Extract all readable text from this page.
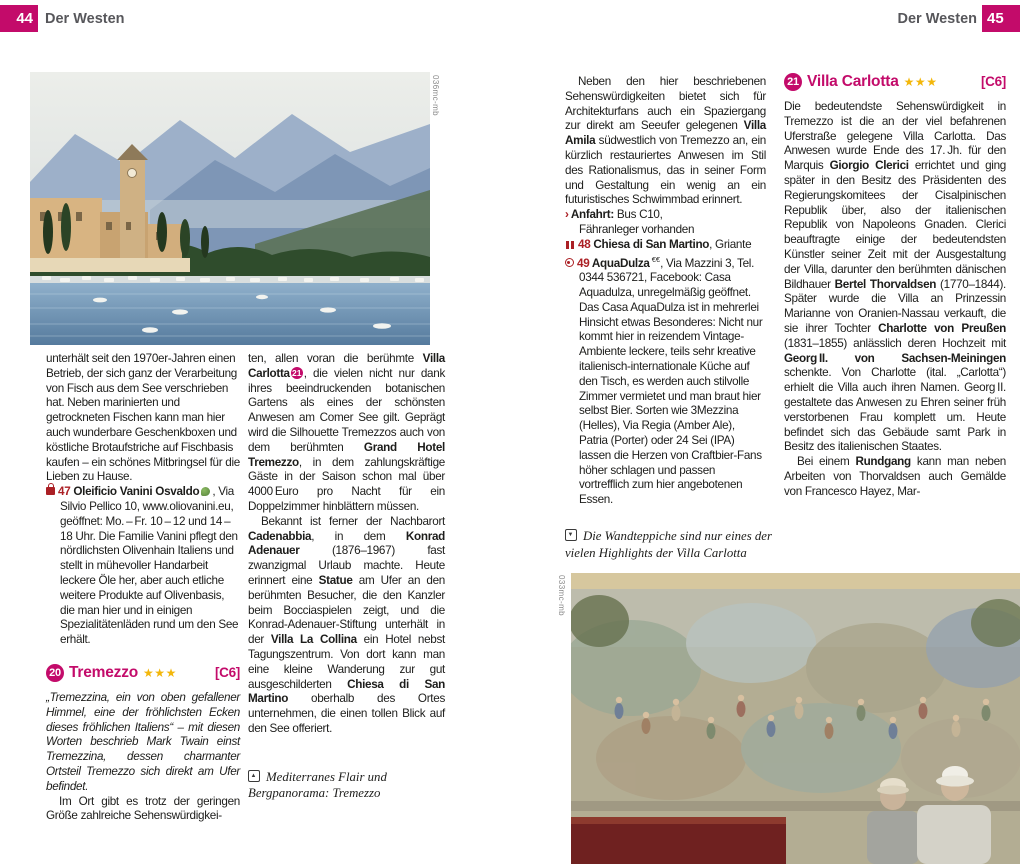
44 Der Westen	Der Westen 45
036mc-mb
unterhält seit den 1970er-Jahren einen Betrieb, der sich ganz der Verarbeitung von Fisch aus dem See verschrieben hat. Neben marinierten und getrockneten Fischen kann man hier auch wunderbare Geschenkboxen und köstliche Brotaufstriche auf Fischbasis kaufen – ein schönes Mitbringsel für die Lieben zu Hause.
47 Oleificio Vanini Osvaldo , Via Silvio Pellico 10, www.oliovanini.eu, geöffnet: Mo. – Fr. 10 – 12 und 14 – 18 Uhr. Die Familie Vanini pflegt den nördlichsten Olivenhain Italiens und stellt in mühevoller Handarbeit leckere Öle her, aber auch etliche weitere Produkte auf Olivenbasis, die man hier und in einigen Spezialitätenläden rund um den See erhält.
20 Tremezzo ★★★	[C6]
„Tremezzina, ein von oben gefallener Himmel, eine der fröhlichsten Ecken dieses fröhlichen Italiens“ – mit diesen Worten beschrieb Mark Twain einst Tremezzina, dessen charmanter Ortsteil Tremezzo sich direkt am Ufer befindet.
Im Ort gibt es trotz der geringen Größe zahlreiche Sehenswürdigkei-
ten, allen voran die berühmte Villa Carlotta 21 , die vielen nicht nur dank ihres beeindruckenden botanischen Gartens als eines der schönsten Anwesen am Comer See gilt. Geprägt wird die Silhouette Tremezzos auch von dem berühmten Grand Hotel Tremezzo, in dem zahlungskräftige Gäste in der Saison schon mal über 4000 Euro pro Nacht für ein Doppelzimmer hinblättern müssen.
Bekannt ist ferner der Nachbarort Cadenabbia, in dem Konrad Adenauer (1876–1967) fast zwanzigmal Urlaub machte. Heute erinnert eine Statue am Ufer an den berühmten Besucher, die den Kanzler beim Bocciaspielen zeigt, und die Konrad-Adenauer-Stiftung unterhält in der Villa La Collina ein Hotel nebst Tagungszentrum. Von dort kann man eine kleine Wanderung zur gut ausgeschilderten Chiesa di San Martino oberhalb des Ortes unternehmen, die einen tollen Blick auf den See offeriert.
▲Mediterranes Flair und Bergpanorama: Tremezzo
Neben den hier beschriebenen Sehenswürdigkeiten bietet sich für Architekturfans auch ein Spaziergang zur direkt am Seeufer gelegenen Villa Amila südwestlich von Tremezzo an, ein kürzlich restauriertes Anwesen im Stil des Rationalismus, das in seiner Form und Gestaltung ein wenig an ein futuristisches Schwimmbad erinnert.
› Anfahrt: Bus C10,
Fähranleger vorhanden
48 Chiesa di San Martino, Griante
49 AquaDulza €€, Via Mazzini 3, Tel. 0344 536721, Facebook: Casa Aquadulza, unregelmäßig geöffnet. Das Casa AquaDulza ist in mehrerlei Hinsicht etwas Besonderes: Nicht nur kommt hier in reizendem Vintage-Ambiente leckere, teils sehr kreative italienisch-internationale Küche auf den Tisch, es werden auch stilvolle Zimmer vermietet und man braut hier selbst Bier. Sorten wie 3Mezzina (Helles), Via Regia (Amber Ale), Patria (Porter) oder 24 Sei (IPA) lassen die Herzen von Craftbier-Fans höher schlagen und passen vortrefflich zum hier angebotenen Essen.
▼Die Wandteppiche sind nur eines der vielen Highlights der Villa Carlotta
21 Villa Carlotta ★★★	[C6]
Die bedeutendste Sehenswürdigkeit in Tremezzo ist die an der viel befahrenen Uferstraße gelegene Villa Carlotta. Das Anwesen wurde Ende des 17. Jh. für den Marquis Giorgio Clerici errichtet und ging später in den Besitz des Präsidenten des Regierungskomitees der Cisalpinischen Republik über, also der italienischen Republik von Napoleons Gnaden. Clerici beauftragte einige der bedeutendsten Künstler seiner Zeit mit der Ausgestaltung der Villa, darunter den berühmten dänischen Bildhauer Bertel Thorvaldsen (1770–1844). Später wurde die Villa an Prinzessin Marianne von Oranien-Nassau verkauft, die sie ihrer Tochter Charlotte von Preußen (1831–1855) anlässlich deren Hochzeit mit Georg II. von Sachsen-Meiningen schenkte. Von Charlotte (ital. „Carlotta“) erhielt die Villa auch ihren Namen. Georg II. gestaltete das Anwesen zu Ehren seiner früh verstorbenen Frau komplett um. Heute befindet sich das Gebäude samt Park in Besitz des italienischen Staates.
Bei einem Rundgang kann man neben Arbeiten von Thorvaldsen auch Gemälde von Francesco Hayez, Mar-
033mc-mb
